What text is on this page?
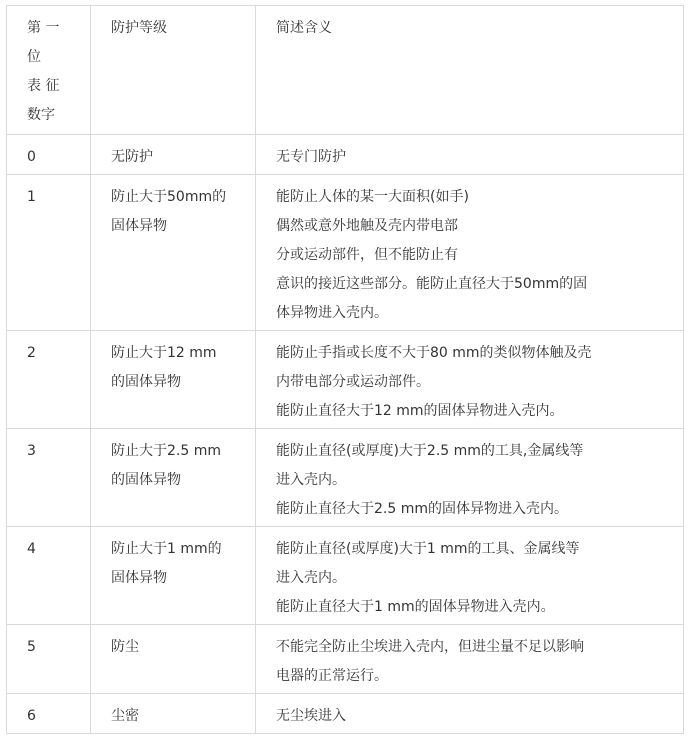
第 一
位
表 征
数字	防护等级	简述含义

0	无防护	无专门防护

1	防止大于50mm的
固体异物	能防止人体的某一大面积(如手)
偶然或意外地触及壳内带电部
分或运动部件，但不能防止有
意识的接近这些部分。能防止直径大于50mm的固
体异物进入壳内。

2	防止大于12 mm
的固体异物	能防止手指或长度不大于80 mm的类似物体触及壳
内带电部分或运动部件。
能防止直径大于12 mm的固体异物进入壳内。

3	防止大于2.5 mm
的固体异物	能防止直径(或厚度)大于2.5 mm的工具,金属线等
进入壳内。
能防止直径大于2.5 mm的固体异物进入壳内。

4	防止大于1 mm的
固体异物	能防止直径(或厚度)大于1 mm的工具、金属线等
进入壳内。
能防止直径大于1 mm的固体异物进入壳内。

5	防尘	不能完全防止尘埃进入壳内，但进尘量不足以影响
电器的正常运行。

6	尘密	无尘埃进入
